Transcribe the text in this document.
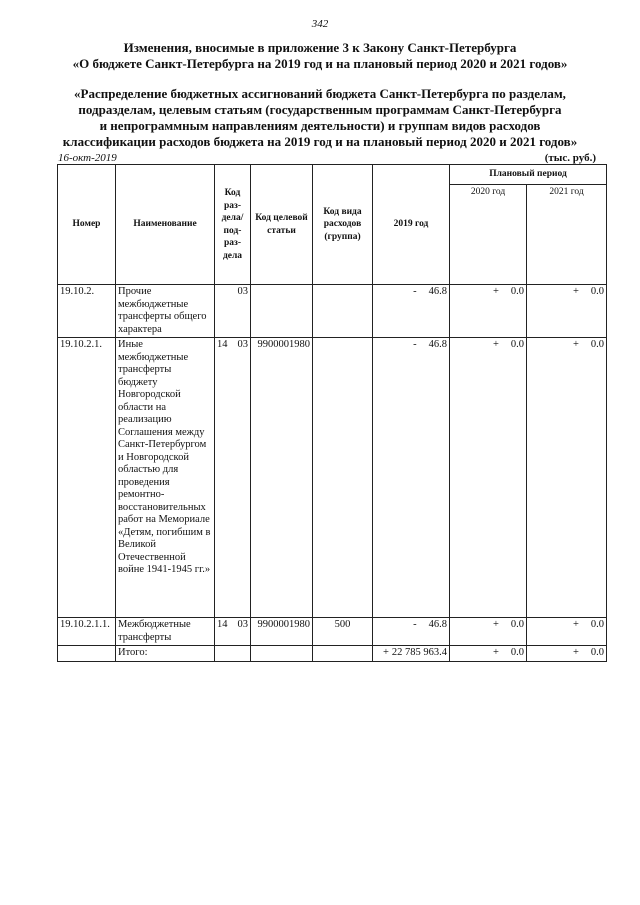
342
Изменения, вносимые в приложение 3 к Закону Санкт-Петербурга
«О бюджете Санкт-Петербурга на 2019 год и на плановый период 2020 и 2021 годов»
«Распределение бюджетных ассигнований бюджета Санкт-Петербурга по разделам,
подразделам, целевым статьям (государственным программам Санкт-Петербурга
и непрограммным направлениям деятельности) и группам видов расходов
классификации расходов бюджета на 2019 год и на плановый период 2020 и 2021 годов»
16-окт-2019	(тыс. руб.)
Номер	Наименование	Код раз- дела/ под- раз- дела		Код целевой статьи	Код вида расходов (группа)	2019 год	Плановый период	
							2020 год	2021 год
19.10.2.	Прочие межбюджетные трансферты общего характера		03			- 46.8	+ 0.0	+ 0.0
19.10.2.1.	Иные межбюджетные трансферты бюджету Новгородской области на реализацию Соглашения между Санкт-Петербургом и Новгородской областью для проведения ремонтно-восстановительных работ на Мемориале «Детям, погибшим в Великой Отечественной войне 1941-1945 гг.»	14	03	9900001980		- 46.8	+ 0.0	+ 0.0
19.10.2.1.1.	Межбюджетные трансферты	14	03	9900001980	500	- 46.8	+ 0.0	+ 0.0
	Итого:					+ 22 785 963.4	+ 0.0	+ 0.0
